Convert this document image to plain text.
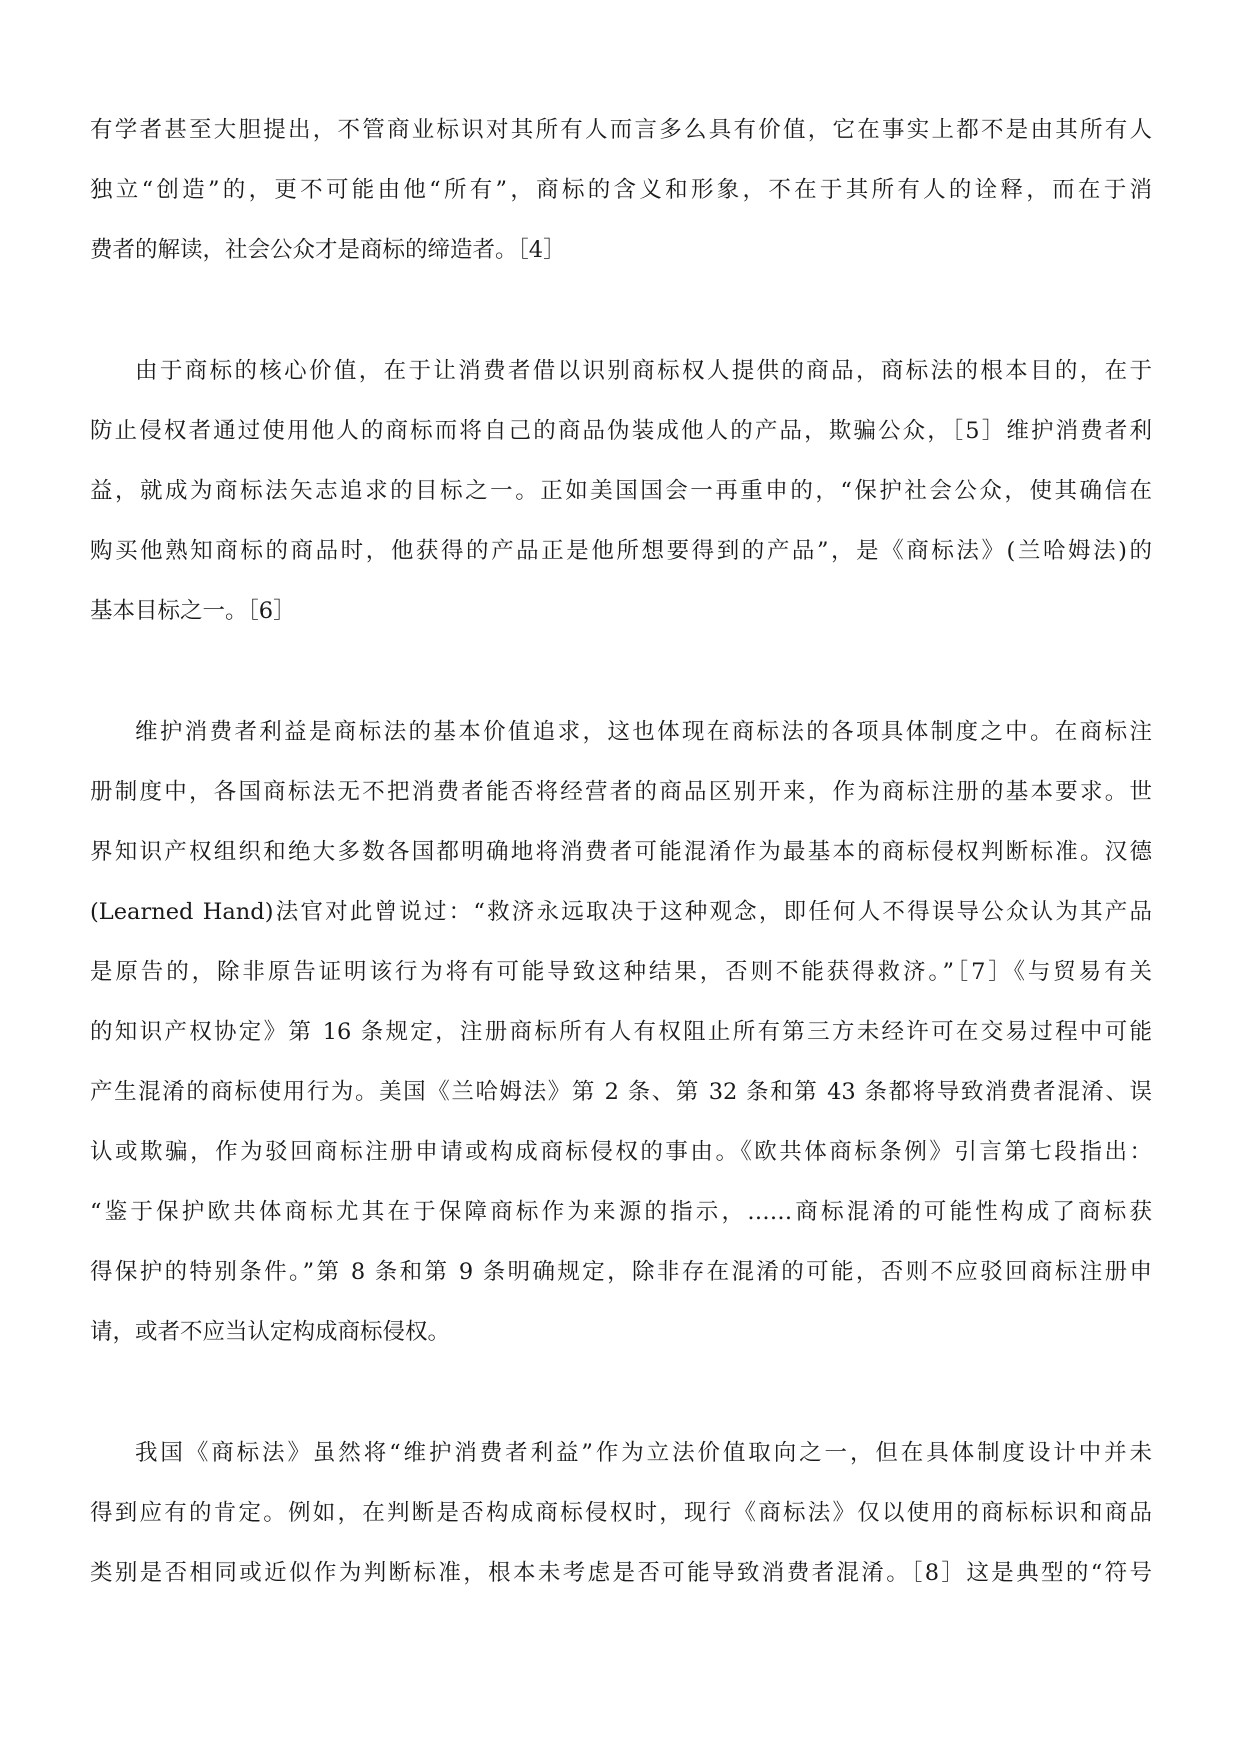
有学者甚至大胆提出，不管商业标识对其所有人而言多么具有价值，它在事实上都不是由其所有人
独立“创造”的，更不可能由他“所有”，商标的含义和形象，不在于其所有人的诠释，而在于消
费者的解读，社会公众才是商标的缔造者。［4］
由于商标的核心价值，在于让消费者借以识别商标权人提供的商品，商标法的根本目的，在于
防止侵权者通过使用他人的商标而将自己的商品伪装成他人的产品，欺骗公众，［5］维护消费者利
益，就成为商标法矢志追求的目标之一。正如美国国会一再重申的，“保护社会公众，使其确信在
购买他熟知商标的商品时，他获得的产品正是他所想要得到的产品”，是《商标法》(兰哈姆法)的
基本目标之一。［6］
维护消费者利益是商标法的基本价值追求，这也体现在商标法的各项具体制度之中。在商标注
册制度中，各国商标法无不把消费者能否将经营者的商品区别开来，作为商标注册的基本要求。世
界知识产权组织和绝大多数各国都明确地将消费者可能混淆作为最基本的商标侵权判断标准。汉德
(Learned Hand)法官对此曾说过：“救济永远取决于这种观念，即任何人不得误导公众认为其产品
是原告的，除非原告证明该行为将有可能导致这种结果，否则不能获得救济。”［7］《与贸易有关
的知识产权协定》第 16 条规定，注册商标所有人有权阻止所有第三方未经许可在交易过程中可能
产生混淆的商标使用行为。美国《兰哈姆法》第 2 条、第 32 条和第 43 条都将导致消费者混淆、误
认或欺骗，作为驳回商标注册申请或构成商标侵权的事由。《欧共体商标条例》引言第七段指出：
“鉴于保护欧共体商标尤其在于保障商标作为来源的指示，……商标混淆的可能性构成了商标获
得保护的特别条件。”第 8 条和第 9 条明确规定，除非存在混淆的可能，否则不应驳回商标注册申
请，或者不应当认定构成商标侵权。
我国《商标法》虽然将“维护消费者利益”作为立法价值取向之一，但在具体制度设计中并未
得到应有的肯定。例如，在判断是否构成商标侵权时，现行《商标法》仅以使用的商标标识和商品
类别是否相同或近似作为判断标准，根本未考虑是否可能导致消费者混淆。［8］这是典型的“符号
